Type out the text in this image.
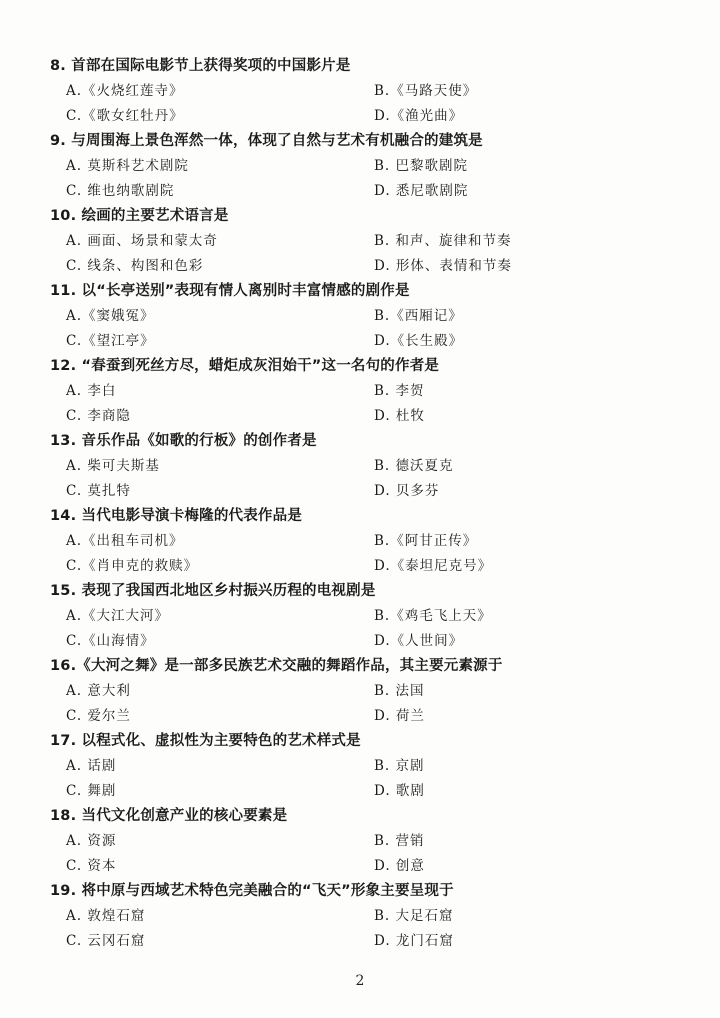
8. 首部在国际电影节上获得奖项的中国影片是
A.《火烧红莲寺》	B.《马路天使》
C.《歌女红牡丹》	D.《渔光曲》
9. 与周围海上景色浑然一体，体现了自然与艺术有机融合的建筑是
A. 莫斯科艺术剧院	B. 巴黎歌剧院
C. 维也纳歌剧院	D. 悉尼歌剧院
10. 绘画的主要艺术语言是
A. 画面、场景和蒙太奇	B. 和声、旋律和节奏
C. 线条、构图和色彩	D. 形体、表情和节奏
11. 以“长亭送别”表现有情人离别时丰富情感的剧作是
A.《窦娥冤》	B.《西厢记》
C.《望江亭》	D.《长生殿》
12. “春蚕到死丝方尽，蜡炬成灰泪始干”这一名句的作者是
A. 李白	B. 李贺
C. 李商隐	D. 杜牧
13. 音乐作品《如歌的行板》的创作者是
A. 柴可夫斯基	B. 德沃夏克
C. 莫扎特	D. 贝多芬
14. 当代电影导演卡梅隆的代表作品是
A.《出租车司机》	B.《阿甘正传》
C.《肖申克的救赎》	D.《泰坦尼克号》
15. 表现了我国西北地区乡村振兴历程的电视剧是
A.《大江大河》	B.《鸡毛飞上天》
C.《山海情》	D.《人世间》
16.《大河之舞》是一部多民族艺术交融的舞蹈作品，其主要元素源于
A. 意大利	B. 法国
C. 爱尔兰	D. 荷兰
17. 以程式化、虚拟性为主要特色的艺术样式是
A. 话剧	B. 京剧
C. 舞剧	D. 歌剧
18. 当代文化创意产业的核心要素是
A. 资源	B. 营销
C. 资本	D. 创意
19. 将中原与西域艺术特色完美融合的“飞天”形象主要呈现于
A. 敦煌石窟	B. 大足石窟
C. 云冈石窟	D. 龙门石窟
2
